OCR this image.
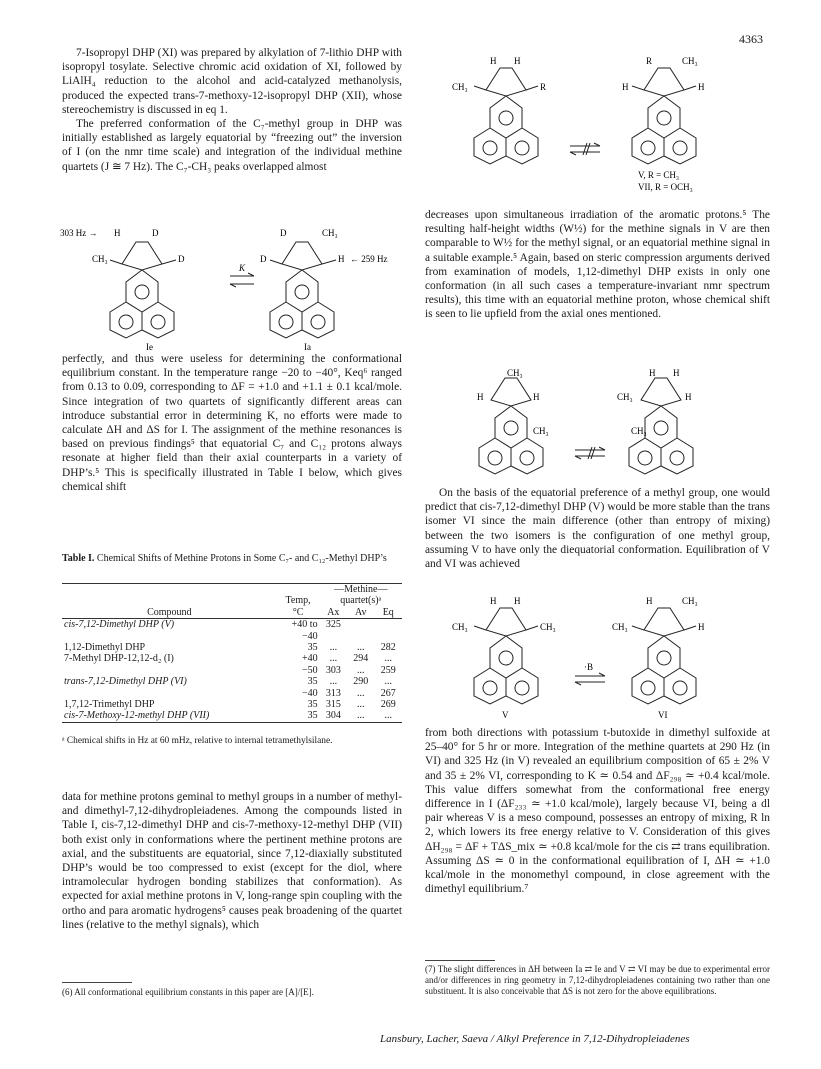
4363

7-Isopropyl DHP (XI) was prepared by alkylation of 7-lithio DHP with isopropyl tosylate. Selective chromic acid oxidation of XI, followed by LiAlH₄ reduction to the alcohol and acid-catalyzed methanolysis, produced the expected trans-7-methoxy-12-isopropyl DHP (XII), whose stereochemistry is discussed in eq 1.

The preferred conformation of the C₇-methyl group in DHP was initially established as largely equatorial by “freezing out” the inversion of I (on the nmr time scale) and integration of the individual methine quartets (J ≅ 7 Hz). The C₇-CH₃ peaks overlapped almost

303 Hz → H	D
CH₃	D
D	CH₃
D	H ← 259 Hz
K
Ie	Ia

perfectly, and thus were useless for determining the conformational equilibrium constant. In the temperature range −20 to −40°, Keq⁶ ranged from 0.13 to 0.09, corresponding to ΔF = +1.0 and +1.1 ± 0.1 kcal/mole. Since integration of two quartets of significantly different areas can introduce substantial error in determining K, no efforts were made to calculate ΔH and ΔS for I. The assignment of the methine resonances is based on previous findings⁵ that equatorial C₇ and C₁₂ protons always resonate at higher field than their axial counterparts in a variety of DHP’s.⁵ This is specifically illustrated in Table I below, which gives chemical shift

Table I. Chemical Shifts of Methine Protons in Some C₇- and C₁₂-Methyl DHP’s
		—Methine—		
	Temp,	quartet(s)ᵃ		
Compound	°C	Ax	Av	Eq
cis-7,12-Dimethyl DHP (V)	+40 to	325		
	−40			
1,12-Dimethyl DHP	35	...	...	282
7-Methyl DHP-12,12-d₂ (I)	+40	...	294	...
	−50	303	...	259
trans-7,12-Dimethyl DHP (VI)	35	...	290	...
	−40	313	...	267
1,7,12-Trimethyl DHP	35	315	...	269
cis-7-Methoxy-12-methyl DHP (VII)	35	304	...	...
ᵃ Chemical shifts in Hz at 60 mHz, relative to internal tetramethylsilane.

data for methine protons geminal to methyl groups in a number of methyl- and dimethyl-7,12-dihydropleiadenes. Among the compounds listed in Table I, cis-7,12-dimethyl DHP and cis-7-methoxy-12-methyl DHP (VII) both exist only in conformations where the pertinent methine protons are axial, and the substituents are equatorial, since 7,12-diaxially substituted DHP’s would be too compressed to exist (except for the diol, where intramolecular hydrogen bonding stabilizes that conformation). As expected for axial methine protons in V, long-range spin coupling with the ortho and para aromatic hydrogens⁵ causes peak broadening of the quartet lines (relative to the methyl signals), which

(6) All conformational equilibrium constants in this paper are [A]/[E].
H H
CH₃	R
R	CH₃
H	H
V, R = CH₃
VII, R = OCH₃

decreases upon simultaneous irradiation of the aromatic protons.⁵ The resulting half-height widths (W½) for the methine signals in V are then comparable to W½ for the methyl signal, or an equatorial methine signal in a suitable example.⁵ Again, based on steric compression arguments derived from examination of models, 1,12-dimethyl DHP exists in only one conformation (in all such cases a temperature-invariant nmr spectrum results), this time with an equatorial methine proton, whose chemical shift is seen to lie upfield from the axial ones mentioned.

CH₃
H	H
CH₃
H H
CH₃
CH₃
H

On the basis of the equatorial preference of a methyl group, one would predict that cis-7,12-dimethyl DHP (V) would be more stable than the trans isomer VI since the main difference (other than entropy of mixing) between the two isomers is the configuration of one methyl group, assuming V to have only the diequatorial conformation. Equilibration of V and VI was achieved

H H
CH₃	CH₃
H	CH₃
CH₃	H
·B
V	VI

from both directions with potassium t-butoxide in dimethyl sulfoxide at 25–40° for 5 hr or more. Integration of the methine quartets at 290 Hz (in VI) and 325 Hz (in V) revealed an equilibrium composition of 65 ± 2% V and 35 ± 2% VI, corresponding to K ≃ 0.54 and ΔF₂₉₈ ≃ +0.4 kcal/mole. This value differs somewhat from the conformational free energy difference in I (ΔF₂₃₃ ≃ +1.0 kcal/mole), largely because VI, being a dl pair whereas V is a meso compound, possesses an entropy of mixing, R ln 2, which lowers its free energy relative to V. Consideration of this gives ΔH₂₉₈ = ΔF + TΔS_mix ≃ +0.8 kcal/mole for the cis ⇄ trans equilibration. Assuming ΔS ≃ 0 in the conformational equilibration of I, ΔH ≃ +1.0 kcal/mole in the monomethyl compound, in close agreement with the dimethyl equilibrium.⁷

(7) The slight differences in ΔH between Ia ⇄ Ie and V ⇄ VI may be due to experimental error and/or differences in ring geometry in 7,12-dihydropleiadenes containing two rather than one substituent. It is also conceivable that ΔS is not zero for the above equilibrations.
Lansbury, Lacher, Saeva / Alkyl Preference in 7,12-Dihydropleiadenes
